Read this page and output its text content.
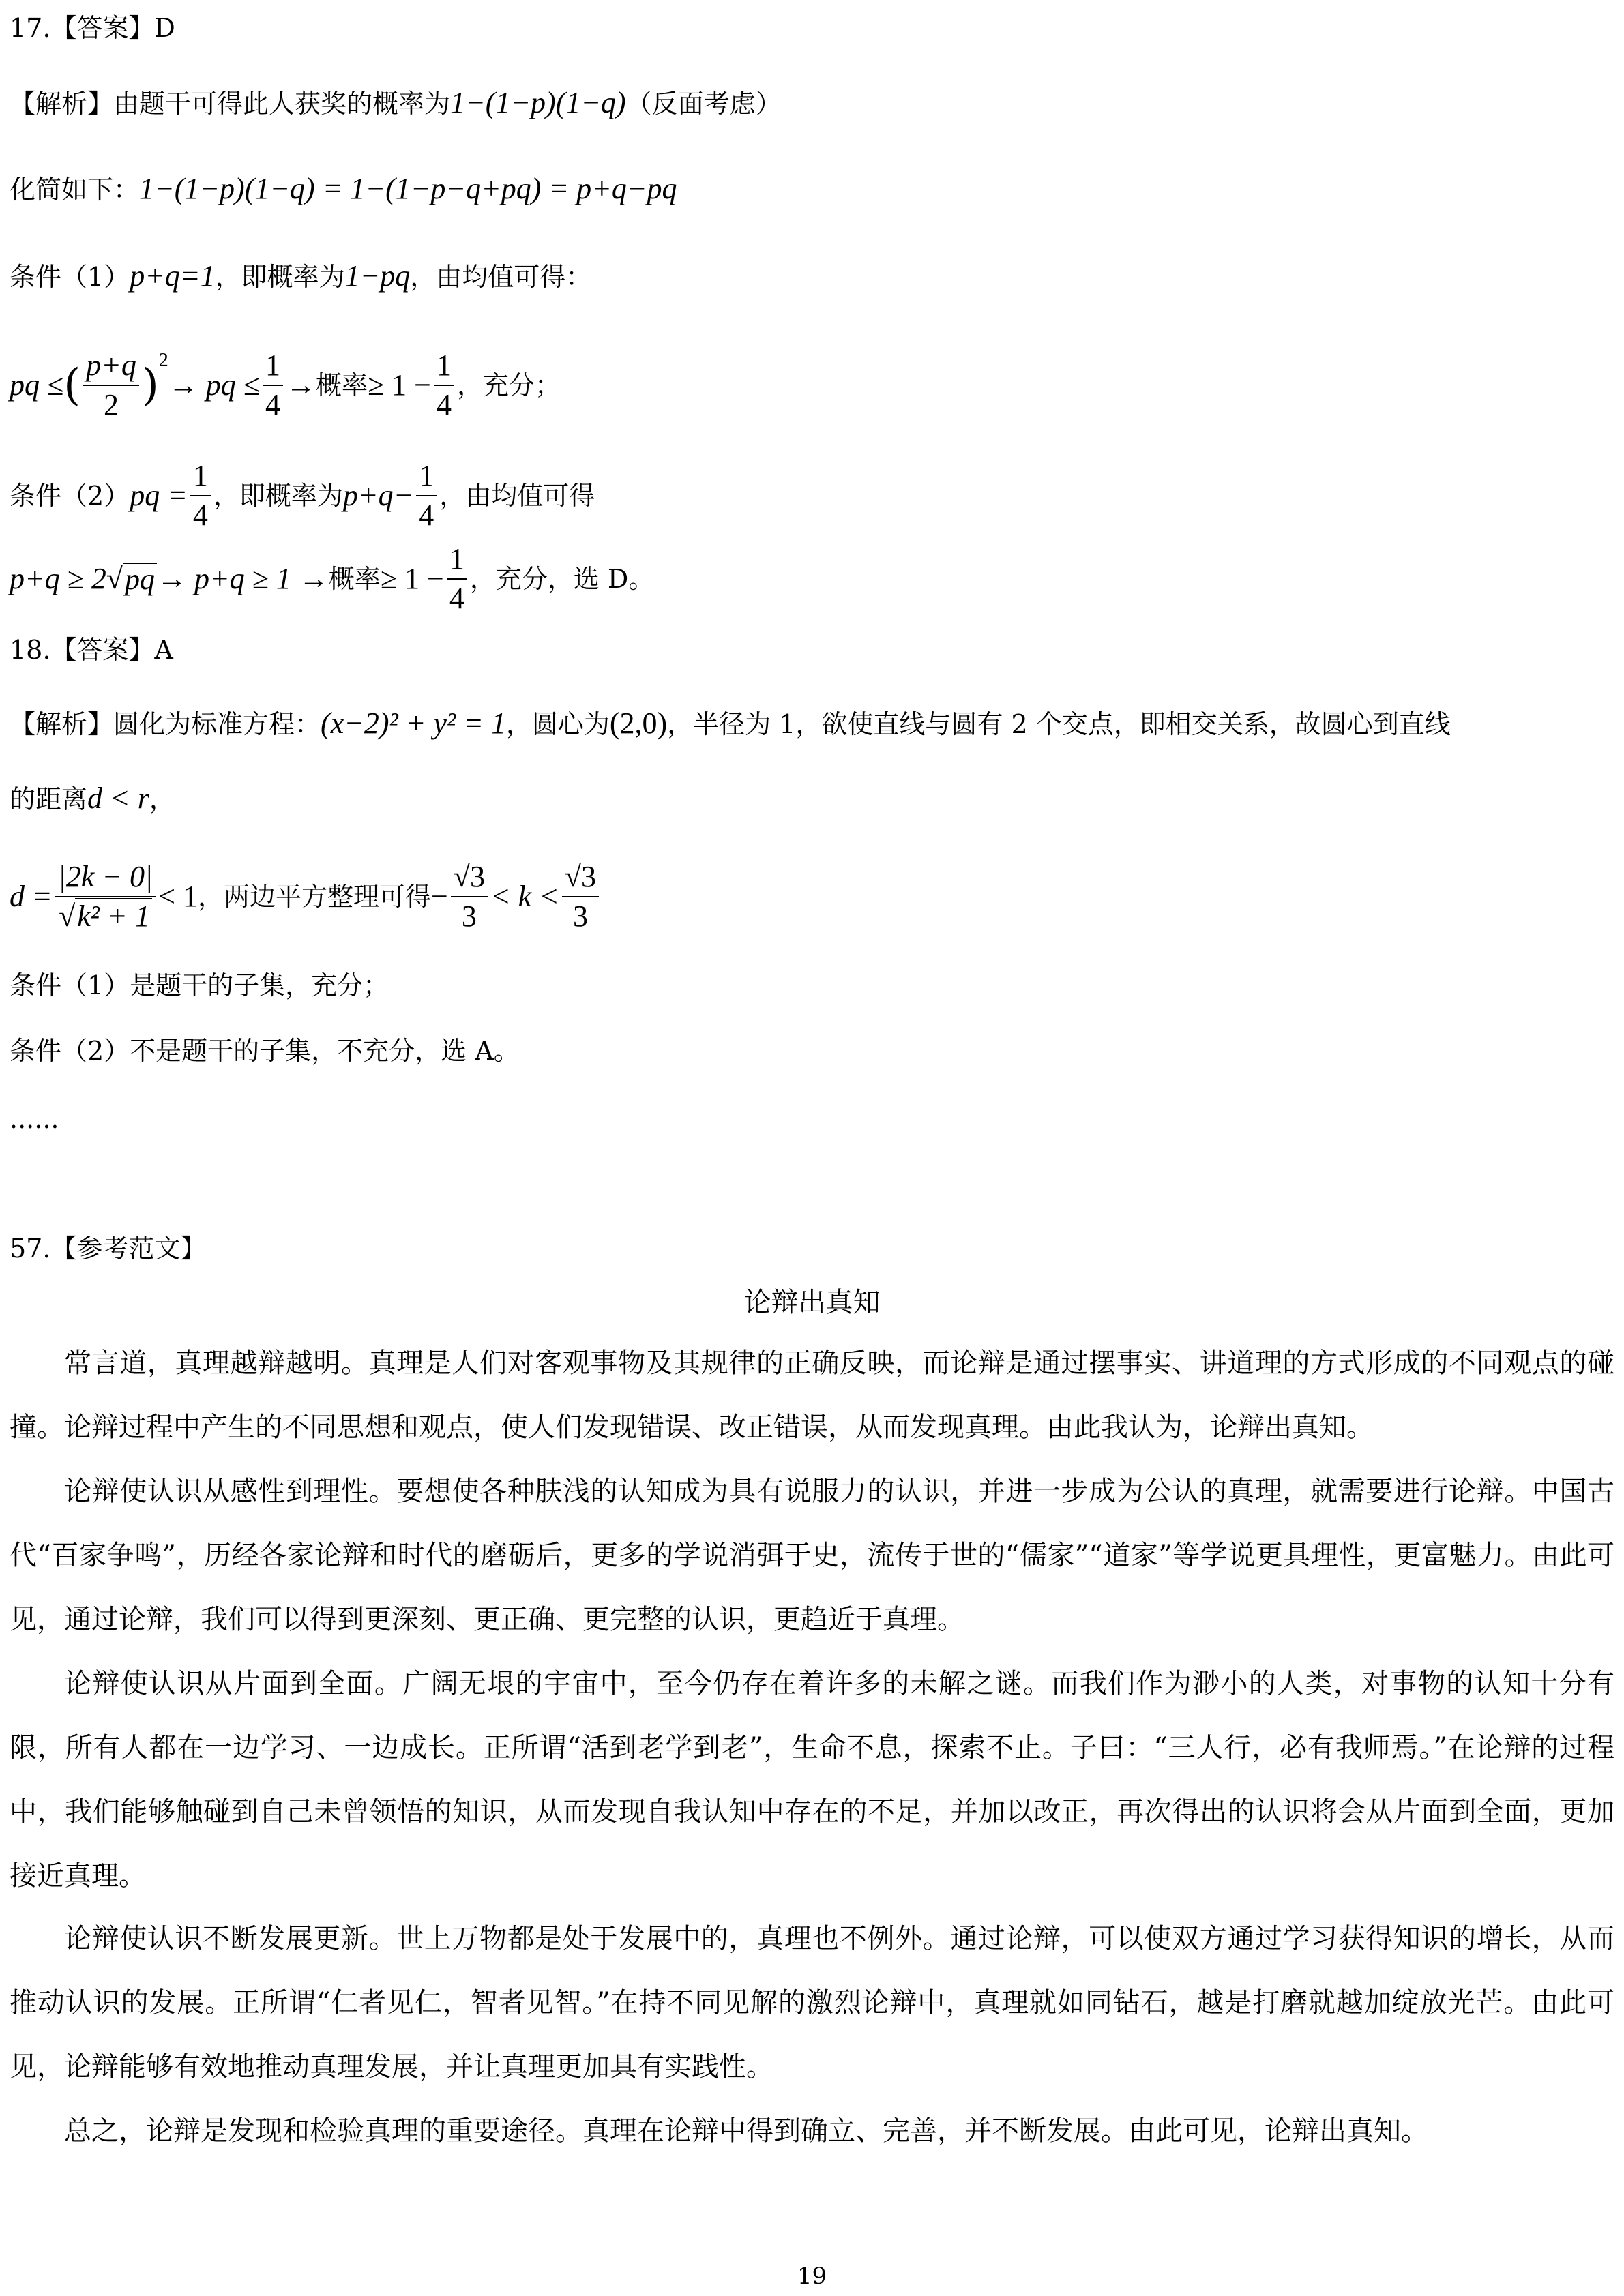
17.【答案】D

【解析】由题干可得此人获奖的概率为1−(1−p)(1−q)（反面考虑）

化简如下：1−(1−p)(1−q) = 1−(1−p−q+pq) = p+q−pq

条件（1）p+q=1，即概率为1−pq，由均值可得：

pq ≤ ( $\frac{p+q}{2} )^2$
→ pq ≤ $\frac{1}{4}$ → 概率 ≥ $1 - \frac{1}{4}$ ，充分；

条件（2） pq = $\frac{1}{4}$ ，即概率为 $p+q- \frac{1}{4}$ ，由均值可得

p+q ≥ 2 √ pq → p+q ≥ 1 → 概率 ≥ $1 - \frac{1}{4}$ ，充分，选 D。

18.【答案】A

【解析】圆化为标准方程：(x−2)² + y² = 1，圆心为(2,0)，半径为 1，欲使直线与圆有 2 个交点，即相交关系，故圆心到直线

的距离d < r，

$d = \frac{|2k - 0|}{\text{√k² + 1}} < 1$ ，两边平方整理可得 − $\frac{√3}{3} < k < \frac{√3}{3}$

条件（1）是题干的子集，充分；

条件（2）不是题干的子集，不充分，选 A。

......

57.【参考范文】

论辩出真知

常言道，真理越辩越明。真理是人们对客观事物及其规律的正确反映，而论辩是通过摆事实、讲道理的方式形成的不同观点的碰撞。论辩过程中产生的不同思想和观点，使人们发现错误、改正错误，从而发现真理。由此我认为，论辩出真知。

论辩使认识从感性到理性。要想使各种肤浅的认知成为具有说服力的认识，并进一步成为公认的真理，就需要进行论辩。中国古代“百家争鸣”，历经各家论辩和时代的磨砺后，更多的学说消弭于史，流传于世的“儒家”“道家”等学说更具理性，更富魅力。由此可见，通过论辩，我们可以得到更深刻、更正确、更完整的认识，更趋近于真理。

论辩使认识从片面到全面。广阔无垠的宇宙中，至今仍存在着许多的未解之谜。而我们作为渺小的人类，对事物的认知十分有限，所有人都在一边学习、一边成长。正所谓“活到老学到老”，生命不息，探索不止。子曰：“三人行，必有我师焉。”在论辩的过程中，我们能够触碰到自己未曾领悟的知识，从而发现自我认知中存在的不足，并加以改正，再次得出的认识将会从片面到全面，更加接近真理。

论辩使认识不断发展更新。世上万物都是处于发展中的，真理也不例外。通过论辩，可以使双方通过学习获得知识的增长，从而推动认识的发展。正所谓“仁者见仁，智者见智。”在持不同见解的激烈论辩中，真理就如同钻石，越是打磨就越加绽放光芒。由此可见，论辩能够有效地推动真理发展，并让真理更加具有实践性。

总之，论辩是发现和检验真理的重要途径。真理在论辩中得到确立、完善，并不断发展。由此可见，论辩出真知。

19
